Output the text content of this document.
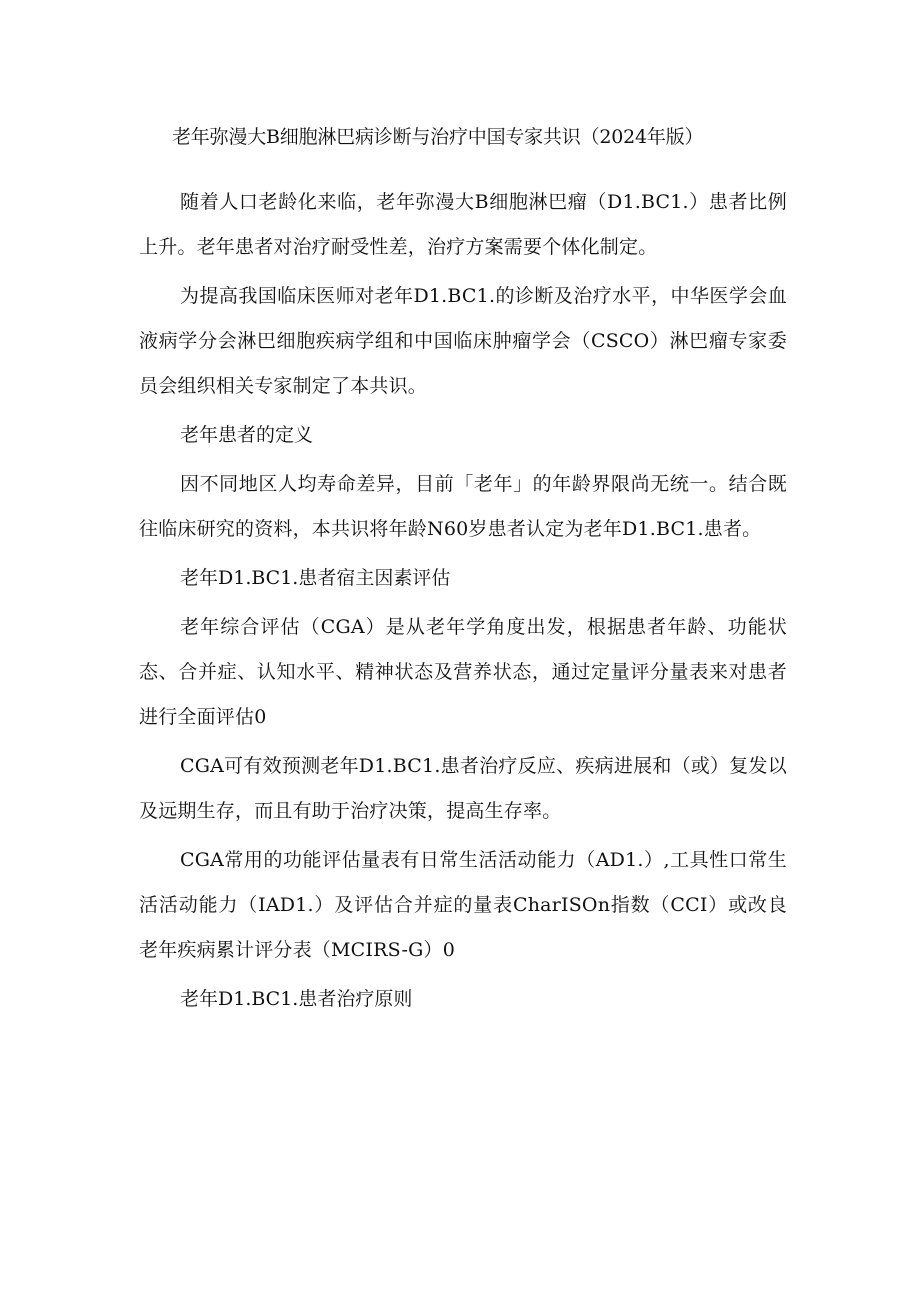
老年弥漫大B细胞淋巴病诊断与治疗中国专家共识（2024年版）

随着人口老龄化来临，老年弥漫大B细胞淋巴瘤（D1.BC1.）患者比例上升。老年患者对治疗耐受性差，治疗方案需要个体化制定。

为提高我国临床医师对老年D1.BC1.的诊断及治疗水平，中华医学会血液病学分会淋巴细胞疾病学组和中国临床肿瘤学会（CSCO）淋巴瘤专家委员会组织相关专家制定了本共识。

老年患者的定义

因不同地区人均寿命差异，目前「老年」的年龄界限尚无统一。结合既往临床研究的资料，本共识将年龄N60岁患者认定为老年D1.BC1.患者。

老年D1.BC1.患者宿主因素评估

老年综合评估（CGA）是从老年学角度出发，根据患者年龄、功能状态、合并症、认知水平、精神状态及营养状态，通过定量评分量表来对患者进行全面评估0

CGA可有效预测老年D1.BC1.患者治疗反应、疾病进展和（或）复发以及远期生存，而且有助于治疗决策，提高生存率。

CGA常用的功能评估量表有日常生活活动能力（AD1.）,工具性口常生活活动能力（IAD1.）及评估合并症的量表CharISOn指数（CCI）或改良老年疾病累计评分表（MCIRS-G）0

老年D1.BC1.患者治疗原则
